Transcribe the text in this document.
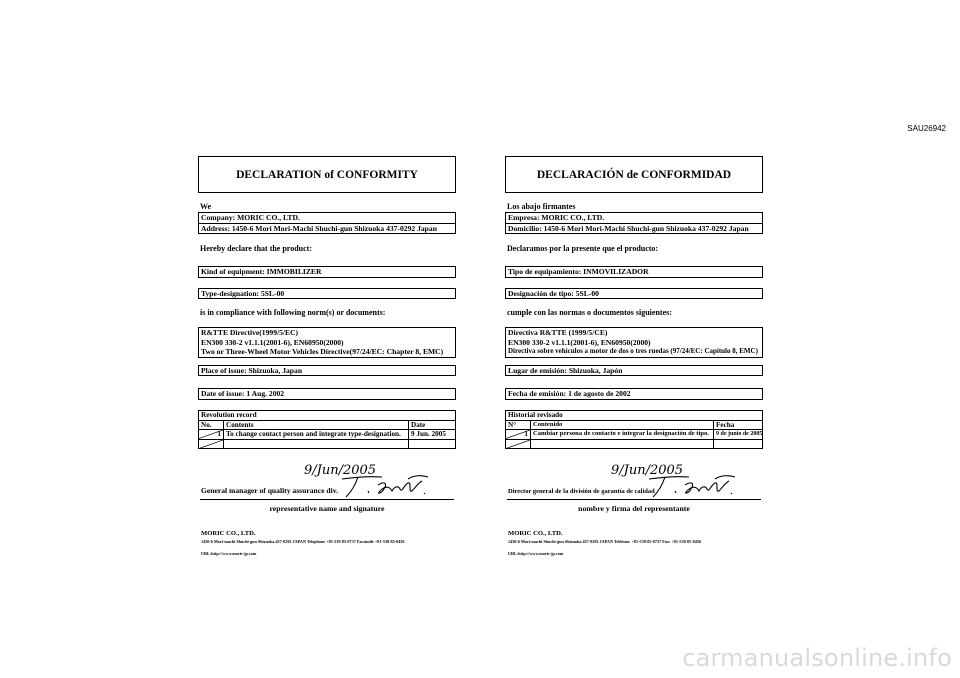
SAU26942
DECLARATION of CONFORMITY
We
Company: MORIC CO., LTD.
Address: 1450-6 Mori Mori-Machi Shuchi-gun Shizuoka 437-0292 Japan
Hereby declare that the product:
Kind of equipment: IMMOBILIZER
Type-designation: 5SL-00
is in compliance with following norm(s) or documents:
R&TTE Directive(1999/5/EC)
EN300 330-2 v1.1.1(2001-6), EN60950(2000)
Two or Three-Wheel Motor Vehicles Directive(97/24/EC: Chapter 8, EMC)
Place of issue: Shizuoka, Japan
Date of issue: 1 Aug. 2002
Revolution record
No.	Contents	Date

1	To change contact person and integrate type-designation.	9 Jun. 2005

9/Jun/2005
General manager of quality assurance div.
representative name and signature
MORIC CO., LTD.
1450-6 Mori-machi Shuchi-gun Shizuoka 437-0292 JAPAN Telephone +81-538-85-0737 Facsimile +81-538-85-0456
URL:http://www.moric-jp.com
DECLARACIÓN de CONFORMIDAD
Los abajo firmantes
Empresa: MORIC CO., LTD.
Domicilio: 1450-6 Mori Mori-Machi Shuchi-gun Shizuoka 437-0292 Japan
Declaramos por la presente que el producto:
Tipo de equipamiento: INMOVILIZADOR
Designación de tipo: 5SL-00
cumple con las normas o documentos siguientes:
Directiva R&TTE (1999/5/CE)
EN300 330-2 v1.1.1(2001-6), EN60950(2000)
Directiva sobre vehículos a motor de dos o tres ruedas (97/24/EC: Capítulo 8, EMC)
Lugar de emisión: Shizuoka, Japón
Fecha de emisión: 1 de agosto de 2002
Historial revisado
N°	Contenido	Fecha

1	Cambiar persona de contacto e integrar la designación de tipo.	9 de junio de 2005

9/Jun/2005
Director general de la división de garantía de calidad
nombre y firma del representante
MORIC CO., LTD.
1450-6 Mori-machi Shuchi-gun Shizuoka 437-0292 JAPAN Teléfono: +81-538-85-0737 Fax: +81-538-85-0456
URL:http://www.moric-jp.com
carmanualsonline.info
